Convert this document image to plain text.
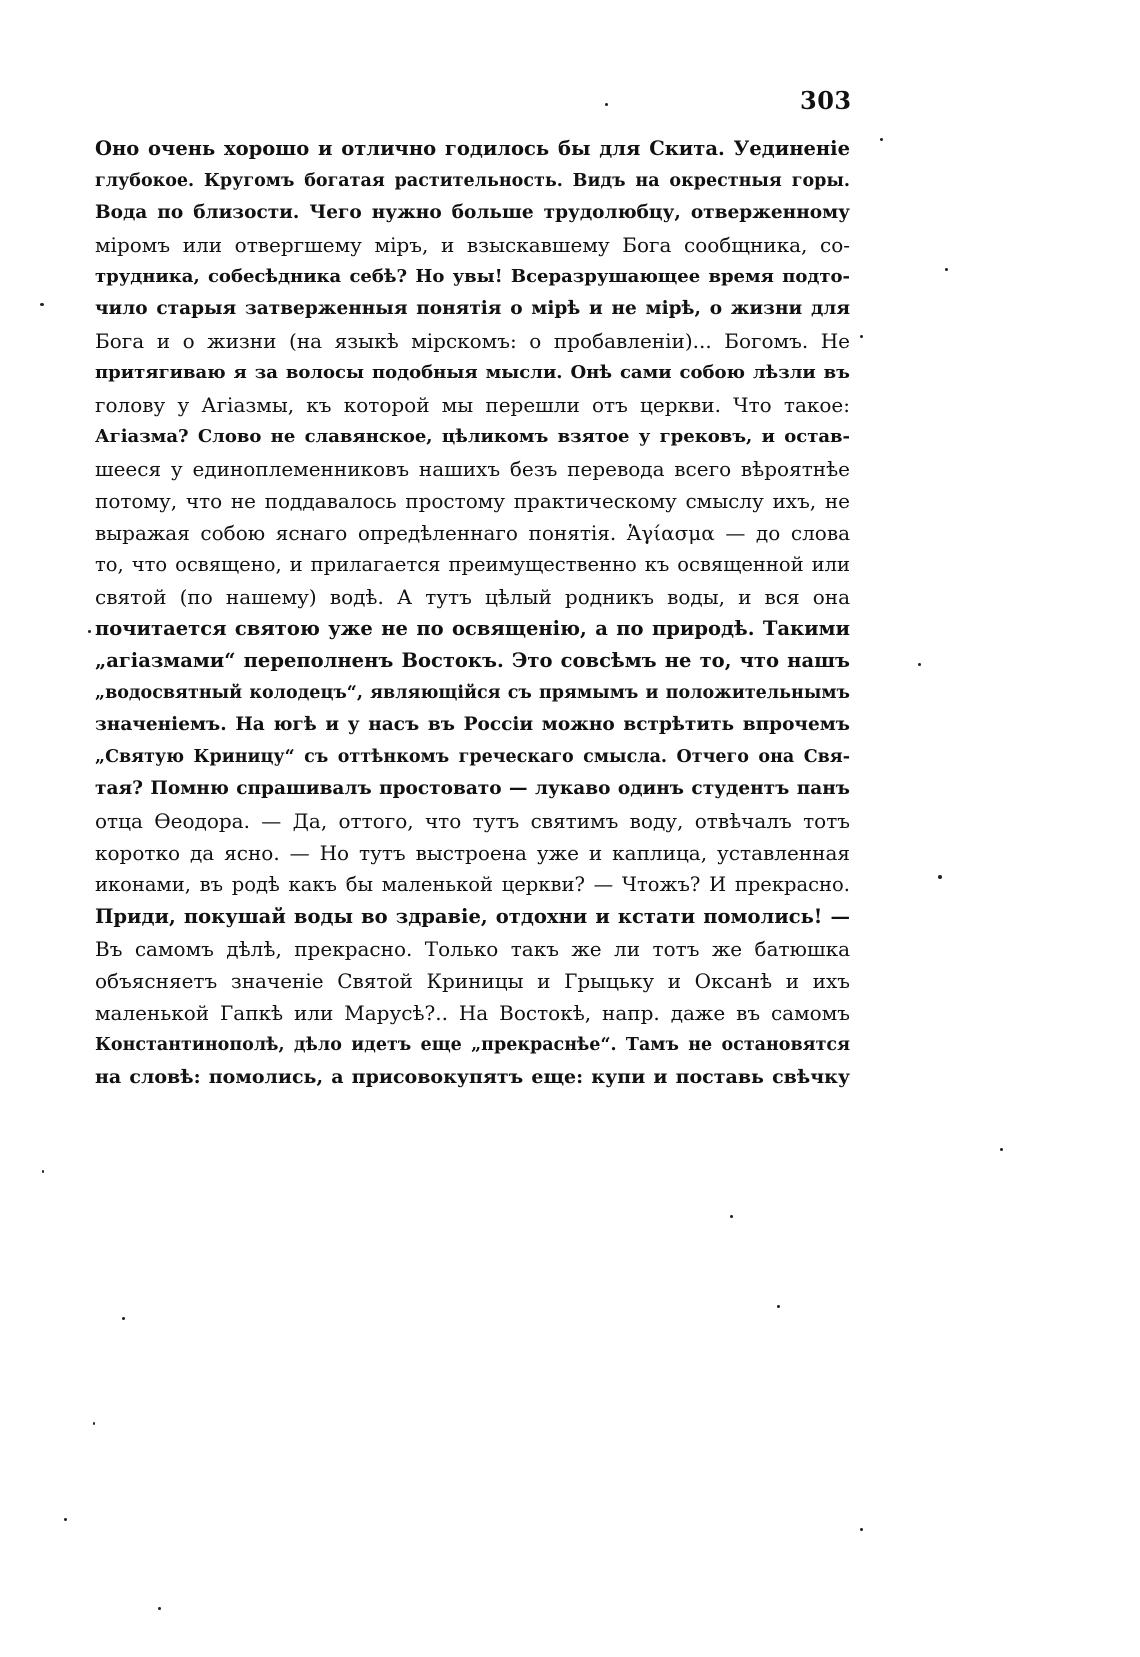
303
Оно очень хорошо и отлично годилось бы для Скита. Уединеніе
глубокое. Кругомъ богатая растительность. Видъ на окрестныя горы.
Вода по близости. Чего нужно больше трудолюбцу, отверженному
міромъ или отвергшему міръ, и взыскавшему Бога сообщника, со-
трудника, собесѣдника себѣ? Но увы! Всеразрушающее время подто-
чило старыя затверженныя понятія о мірѣ и не мірѣ, о жизни для
Бога и о жизни (на языкѣ мірскомъ: о пробавленіи)... Богомъ. Не
притягиваю я за волосы подобныя мысли. Онѣ сами собою лѣзли въ
голову у Агіазмы, къ которой мы перешли отъ церкви. Что такое:
Агіазма? Слово не славянское, цѣликомъ взятое у грековъ, и остав-
шееся у единоплеменниковъ нашихъ безъ перевода всего вѣроятнѣе
потому, что не поддавалось простому практическому смыслу ихъ, не
выражая собою яснаго опредѣленнаго понятія. Ἁγίασμα — до слова
то, что освящено, и прилагается преимущественно къ освященной или
святой (по нашему) водѣ. А тутъ цѣлый родникъ воды, и вся она
почитается святою уже не по освященію, а по природѣ. Такими
„агіазмами“ переполненъ Востокъ. Это совсѣмъ не то, что нашъ
„водосвятный колодецъ“, являющійся съ прямымъ и положительнымъ
значеніемъ. На югѣ и у насъ въ Россіи можно встрѣтить впрочемъ
„Святую Криницу“ съ оттѣнкомъ греческаго смысла. Отчего она Свя-
тая? Помню спрашивалъ простовато — лукаво одинъ студентъ панъ
отца Ѳеодора. — Да, оттого, что тутъ святимъ воду, отвѣчалъ тотъ
коротко да ясно. — Но тутъ выстроена уже и каплица, уставленная
иконами, въ родѣ какъ бы маленькой церкви? — Чтожъ? И прекрасно.
Приди, покушай воды во здравіе, отдохни и кстати помолись! —
Въ самомъ дѣлѣ, прекрасно. Только такъ же ли тотъ же батюшка
объясняетъ значеніе Святой Криницы и Грыцьку и Оксанѣ и ихъ
маленькой Гапкѣ или Марусѣ?.. На Востокѣ, напр. даже въ самомъ
Константинополѣ, дѣло идетъ еще „прекраснѣе“. Тамъ не остановятся
на словѣ: помолись, а присовокупятъ еще: купи и поставь свѣчку
